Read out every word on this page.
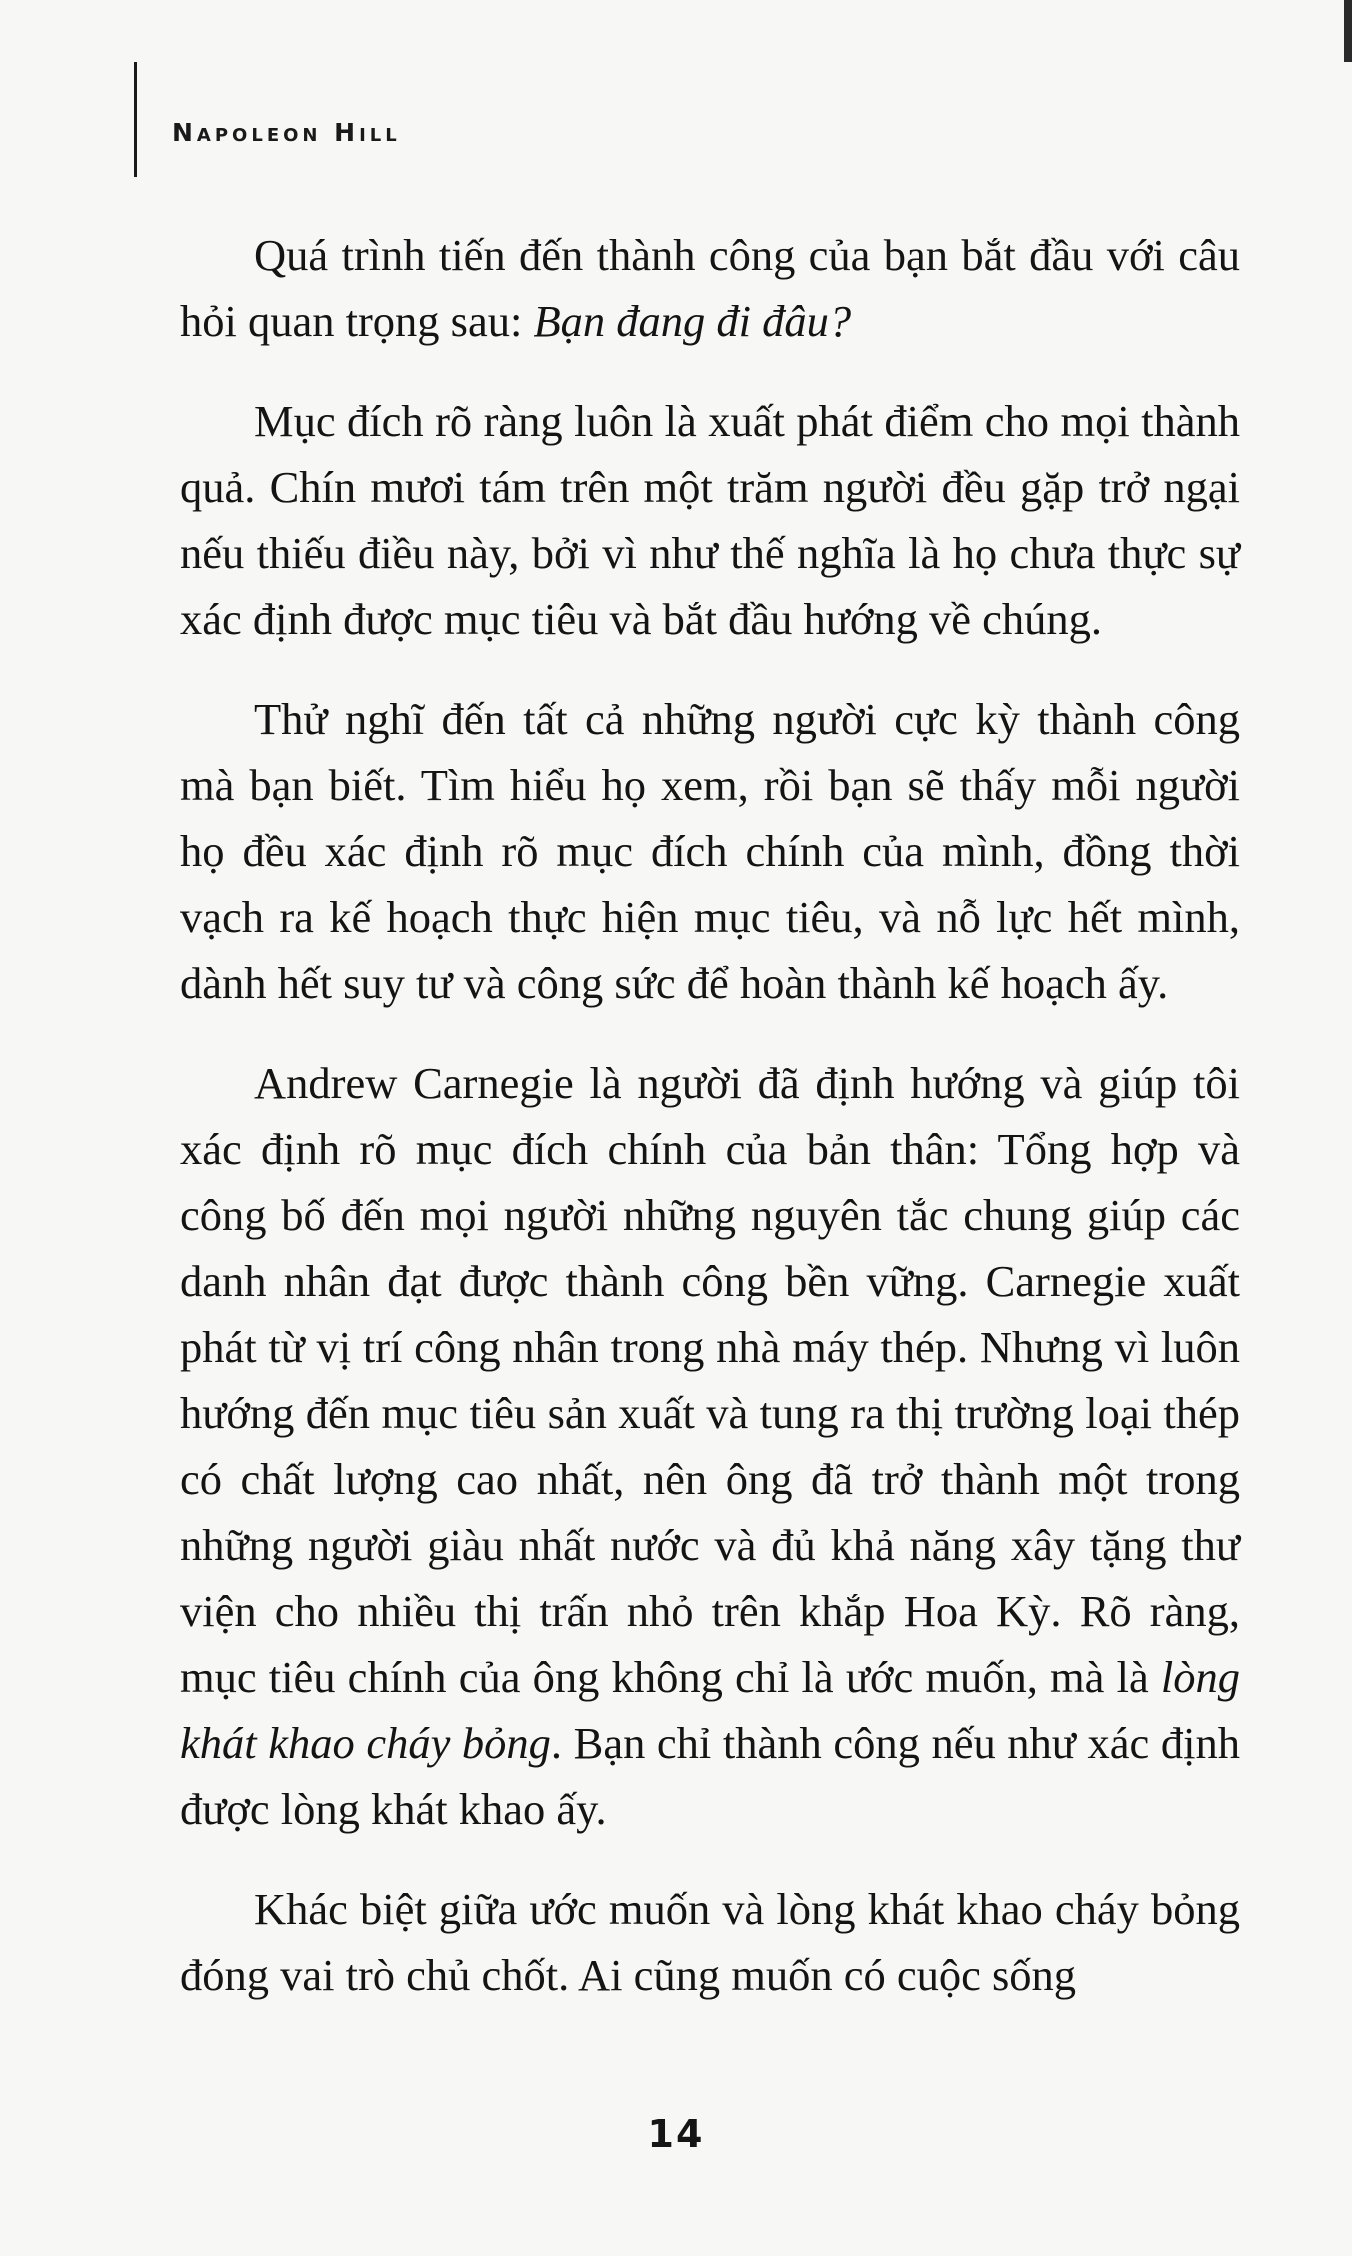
Napoleon Hill

Quá trình tiến đến thành công của bạn bắt đầu với câu hỏi quan trọng sau: Bạn đang đi đâu?

Mục đích rõ ràng luôn là xuất phát điểm cho mọi thành quả. Chín mươi tám trên một trăm người đều gặp trở ngại nếu thiếu điều này, bởi vì như thế nghĩa là họ chưa thực sự xác định được mục tiêu và bắt đầu hướng về chúng.

Thử nghĩ đến tất cả những người cực kỳ thành công mà bạn biết. Tìm hiểu họ xem, rồi bạn sẽ thấy mỗi người họ đều xác định rõ mục đích chính của mình, đồng thời vạch ra kế hoạch thực hiện mục tiêu, và nỗ lực hết mình, dành hết suy tư và công sức để hoàn thành kế hoạch ấy.

Andrew Carnegie là người đã định hướng và giúp tôi xác định rõ mục đích chính của bản thân: Tổng hợp và công bố đến mọi người những nguyên tắc chung giúp các danh nhân đạt được thành công bền vững. Carnegie xuất phát từ vị trí công nhân trong nhà máy thép. Nhưng vì luôn hướng đến mục tiêu sản xuất và tung ra thị trường loại thép có chất lượng cao nhất, nên ông đã trở thành một trong những người giàu nhất nước và đủ khả năng xây tặng thư viện cho nhiều thị trấn nhỏ trên khắp Hoa Kỳ. Rõ ràng, mục tiêu chính của ông không chỉ là ước muốn, mà là lòng khát khao cháy bỏng. Bạn chỉ thành công nếu như xác định được lòng khát khao ấy.

Khác biệt giữa ước muốn và lòng khát khao cháy bỏng đóng vai trò chủ chốt. Ai cũng muốn có cuộc sống

14
